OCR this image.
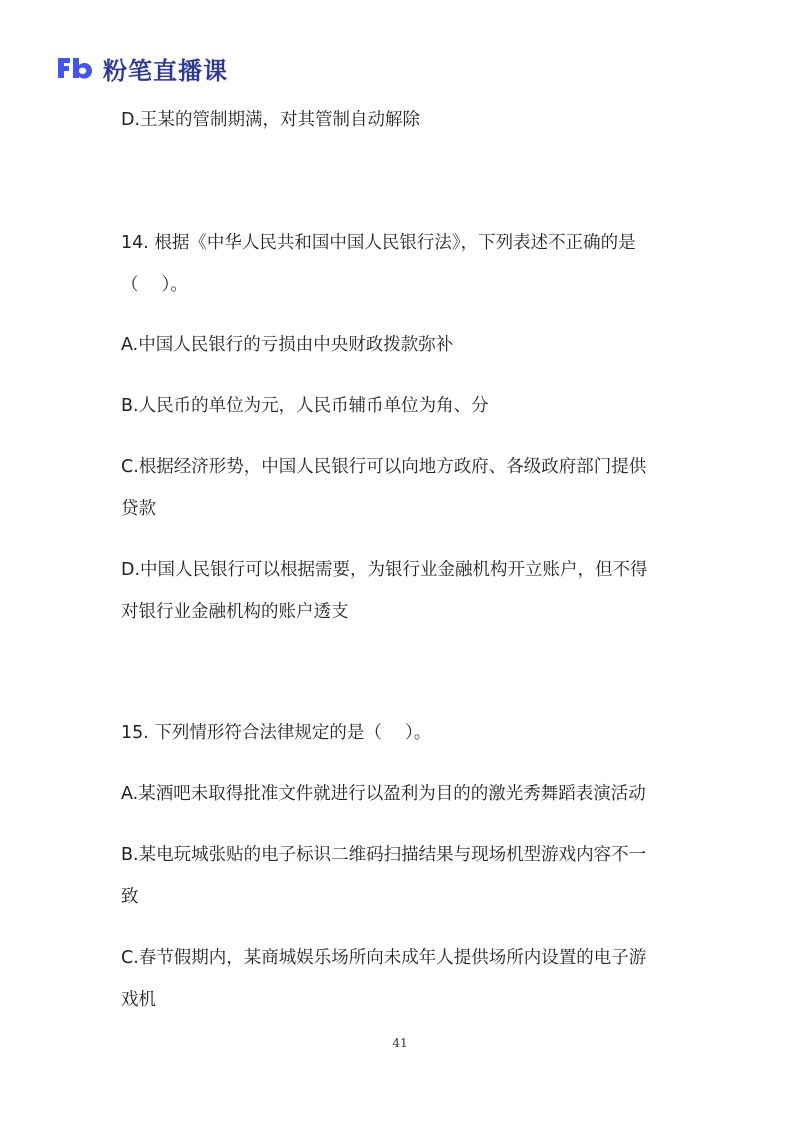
粉笔直播课
D.王某的管制期满，对其管制自动解除
14. 根据《中华人民共和国中国人民银行法》，下列表述不正确的是
（　 ）。
A.中国人民银行的亏损由中央财政拨款弥补
B.人民币的单位为元，人民币辅币单位为角、分
C.根据经济形势，中国人民银行可以向地方政府、各级政府部门提供
贷款
D.中国人民银行可以根据需要，为银行业金融机构开立账户，但不得
对银行业金融机构的账户透支
15. 下列情形符合法律规定的是（　 ）。
A.某酒吧未取得批准文件就进行以盈利为目的的激光秀舞蹈表演活动
B.某电玩城张贴的电子标识二维码扫描结果与现场机型游戏内容不一
致
C.春节假期内，某商城娱乐场所向未成年人提供场所内设置的电子游
戏机
41
